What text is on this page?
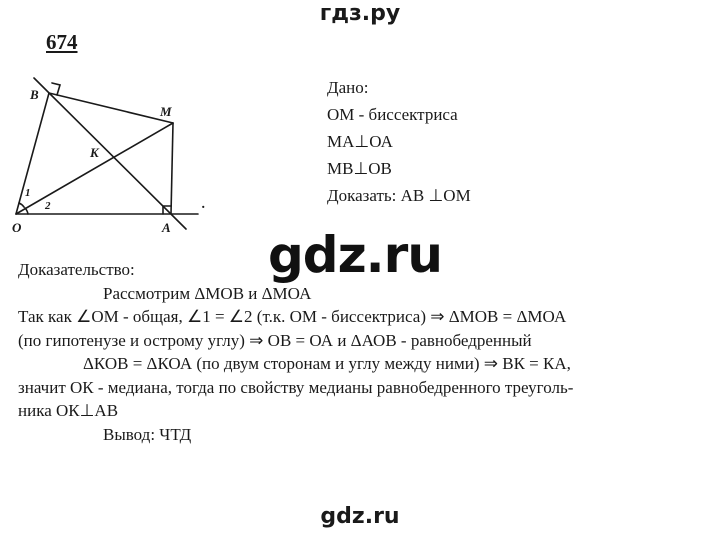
гдз.ру
674
B
M
K
O	A
1
2	.
Дано:
ОМ - биссектриса
МА⊥ОА
МВ⊥ОВ
Доказать: АВ ⊥ОМ
gdz.ru
Доказательство:
Рассмотрим ΔМОВ и ΔМОА
Так как ∠ОМ - общая, ∠1 = ∠2 (т.к. ОМ - биссектриса) ⇒ ΔМОВ = ΔМОА
(по гипотенузе и острому углу) ⇒ ОВ = ОА и ΔАОВ - равнобедренный
ΔКОВ = ΔКОА (по двум сторонам и углу между ними) ⇒ ВК = КА,
значит ОК - медиана, тогда по свойству медианы равнобедренного треуголь-
ника ОК⊥АВ
Вывод: ЧТД
gdz.ru
